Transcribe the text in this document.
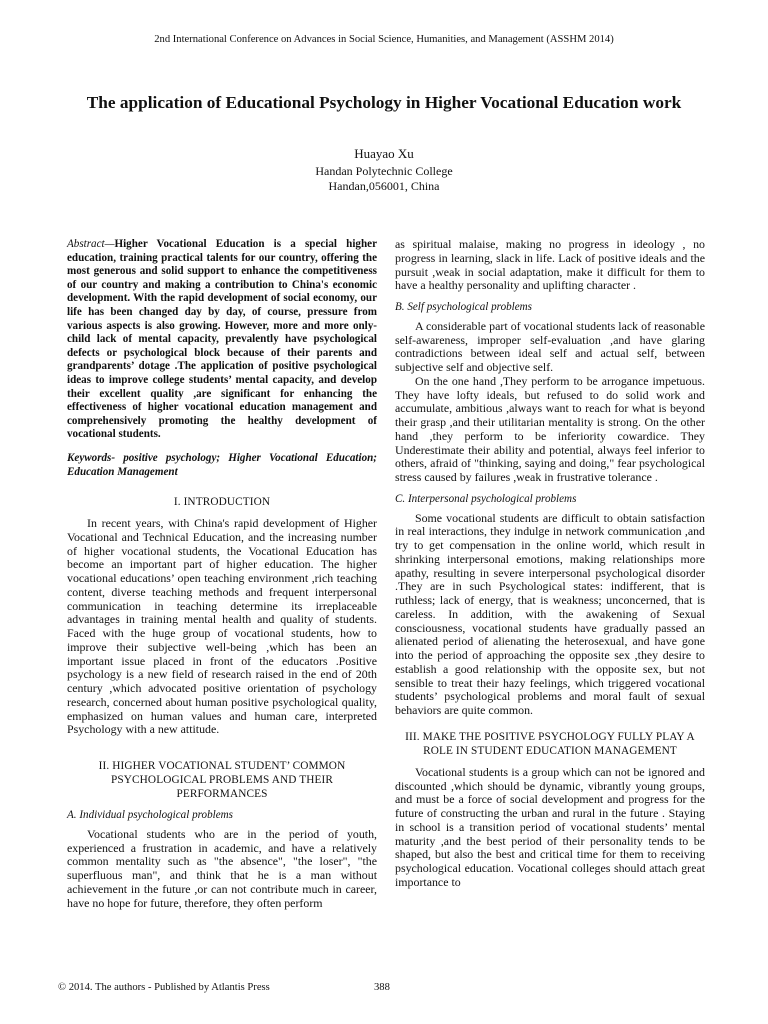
2nd International Conference on Advances in Social Science, Humanities, and Management (ASSHM 2014)
The application of Educational Psychology in Higher Vocational Education work
Huayao Xu
Handan Polytechnic College
Handan,056001, China

Abstract—Higher Vocational Education is a special higher education, training practical talents for our country, offering the most generous and solid support to enhance the competitiveness of our country and making a contribution to China's economic development. With the rapid development of social economy, our life has been changed day by day, of course, pressure from various aspects is also growing. However, more and more only-child lack of mental capacity, prevalently have psychological defects or psychological block because of their parents and grandparents’ dotage .The application of positive psychological ideas to improve college students’ mental capacity, and develop their excellent quality ,are significant for enhancing the effectiveness of higher vocational education management and comprehensively promoting the healthy development of vocational students.

Keywords- positive psychology; Higher Vocational Education; Education Management

I. INTRODUCTION

In recent years, with China's rapid development of Higher Vocational and Technical Education, and the increasing number of higher vocational students, the Vocational Education has become an important part of higher education. The higher vocational educations’ open teaching environment ,rich teaching content, diverse teaching methods and frequent interpersonal communication in teaching determine its irreplaceable advantages in training mental health and quality of students. Faced with the huge group of vocational students, how to improve their subjective well-being ,which has been an important issue placed in front of the educators .Positive psychology is a new field of research raised in the end of 20th century ,which advocated positive orientation of psychology research, concerned about human positive psychological quality, emphasized on human values and human care, interpreted Psychology with a new attitude.

II. HIGHER VOCATIONAL STUDENT’ COMMON
PSYCHOLOGICAL PROBLEMS AND THEIR PERFORMANCES
A. Individual psychological problems

Vocational students who are in the period of youth, experienced a frustration in academic, and have a relatively common mentality such as "the absence", "the loser", "the superfluous man", and think that he is a man without achievement in the future ,or can not contribute much in career, have no hope for future, therefore, they often perform

as spiritual malaise, making no progress in ideology , no progress in learning, slack in life. Lack of positive ideals and the pursuit ,weak in social adaptation, make it difficult for them to have a healthy personality and uplifting character .

B. Self psychological problems

A considerable part of vocational students lack of reasonable self-awareness, improper self-evaluation ,and have glaring contradictions between ideal self and actual self, between subjective self and objective self.

On the one hand ,They perform to be arrogance impetuous. They have lofty ideals, but refused to do solid work and accumulate, ambitious ,always want to reach for what is beyond their grasp ,and their utilitarian mentality is strong. On the other hand ,they perform to be inferiority cowardice. They Underestimate their ability and potential, always feel inferior to others, afraid of "thinking, saying and doing," fear psychological stress caused by failures ,weak in frustrative tolerance .

C. Interpersonal psychological problems

Some vocational students are difficult to obtain satisfaction in real interactions, they indulge in network communication ,and try to get compensation in the online world, which result in shrinking interpersonal emotions, making relationships more apathy, resulting in severe interpersonal psychological disorder .They are in such Psychological states: indifferent, that is ruthless; lack of energy, that is weakness; unconcerned, that is careless. In addition, with the awakening of Sexual consciousness, vocational students have gradually passed an alienated period of alienating the heterosexual, and have gone into the period of approaching the opposite sex ,they desire to establish a good relationship with the opposite sex, but not sensible to treat their hazy feelings, which triggered vocational students’ psychological problems and moral fault of sexual behaviors are quite common.

III. MAKE THE POSITIVE PSYCHOLOGY FULLY PLAY A
ROLE IN STUDENT EDUCATION MANAGEMENT

Vocational students is a group which can not be ignored and discounted ,which should be dynamic, vibrantly young groups, and must be a force of social development and progress for the future of constructing the urban and rural in the future . Staying in school is a transition period of vocational students’ mental maturity ,and the best period of their personality tends to be shaped, but also the best and critical time for them to receiving psychological education. Vocational colleges should attach great importance to

© 2014. The authors - Published by Atlantis Press	388
